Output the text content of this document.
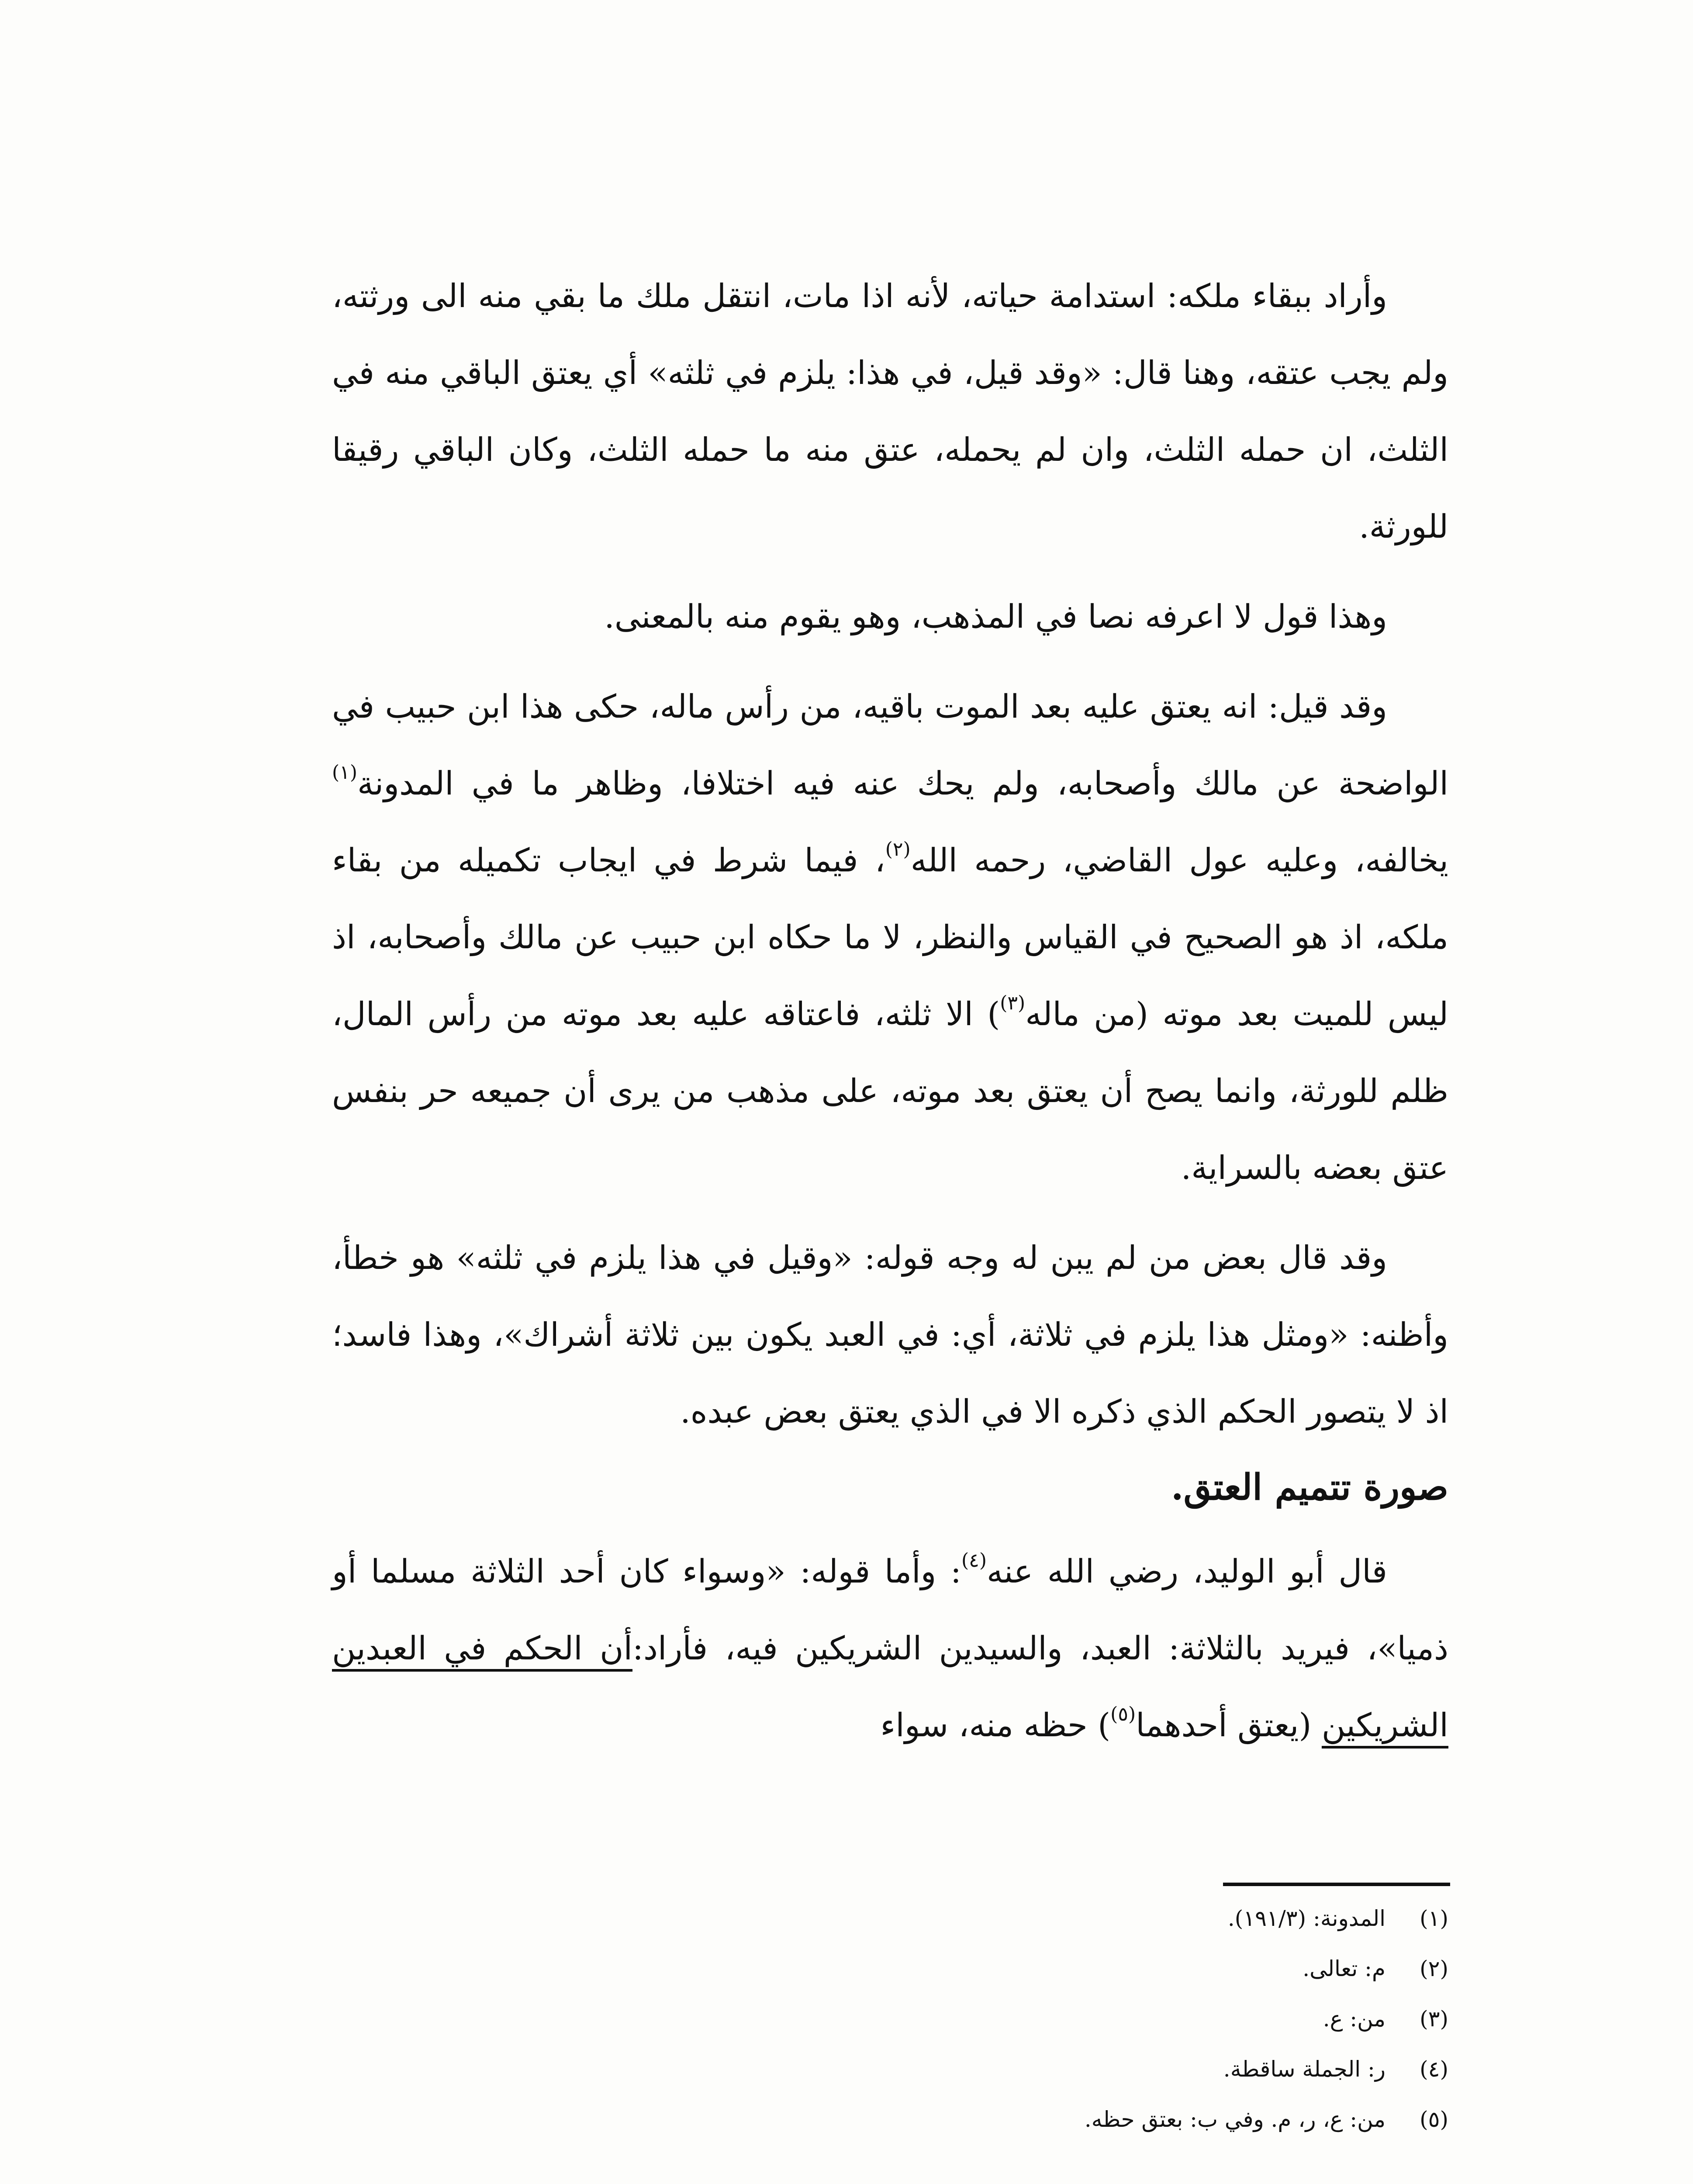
وأراد ببقاء ملكه: استدامة حياته، لأنه اذا مات، انتقل ملك ما بقي منه الى ورثته، ولم يجب عتقه، وهنا قال: «وقد قيل، في هذا: يلزم في ثلثه» أي يعتق الباقي منه في الثلث، ان حمله الثلث، وان لم يحمله، عتق منه ما حمله الثلث، وكان الباقي رقيقا للورثة.

وهذا قول لا اعرفه نصا في المذهب، وهو يقوم منه بالمعنى.

وقد قيل: انه يعتق عليه بعد الموت باقيه، من رأس ماله، حكى هذا ابن حبيب في الواضحة عن مالك وأصحابه، ولم يحك عنه فيه اختلافا، وظاهر ما في المدونة$^{(١)}$ يخالفه، وعليه عول القاضي، رحمه الله$^{(٢)}$، فيما شرط في ايجاب تكميله من بقاء ملكه، اذ هو الصحيح في القياس والنظر، لا ما حكاه ابن حبيب عن مالك وأصحابه، اذ ليس للميت بعد موته (من ماله$^{(٣)}$) الا ثلثه، فاعتاقه عليه بعد موته من رأس المال، ظلم للورثة، وانما يصح أن يعتق بعد موته، على مذهب من يرى أن جميعه حر بنفس عتق بعضه بالسراية.

وقد قال بعض من لم يبن له وجه قوله: «وقيل في هذا يلزم في ثلثه» هو خطأ، وأظنه: «ومثل هذا يلزم في ثلاثة، أي: في العبد يكون بين ثلاثة أشراك»، وهذا فاسد؛ اذ لا يتصور الحكم الذي ذكره الا في الذي يعتق بعض عبده.

صورة تتميم العتق.

قال أبو الوليد، رضي الله عنه$^{(٤)}$: وأما قوله: «وسواء كان أحد الثلاثة مسلما أو ذميا»، فيريد بالثلاثة: العبد، والسيدين الشريكين فيه، فأراد:أن الحكم في العبدين الشريكين (يعتق أحدهما$^{(٥)}$) حظه منه، سواء

(١)
المدونة: (١٩١/٣).
(٢)
م: تعالى.
(٣)
من: ع.
(٤)
ر: الجملة ساقطة.
(٥)
من: ع، ر، م. وفي ب: بعتق حظه.
